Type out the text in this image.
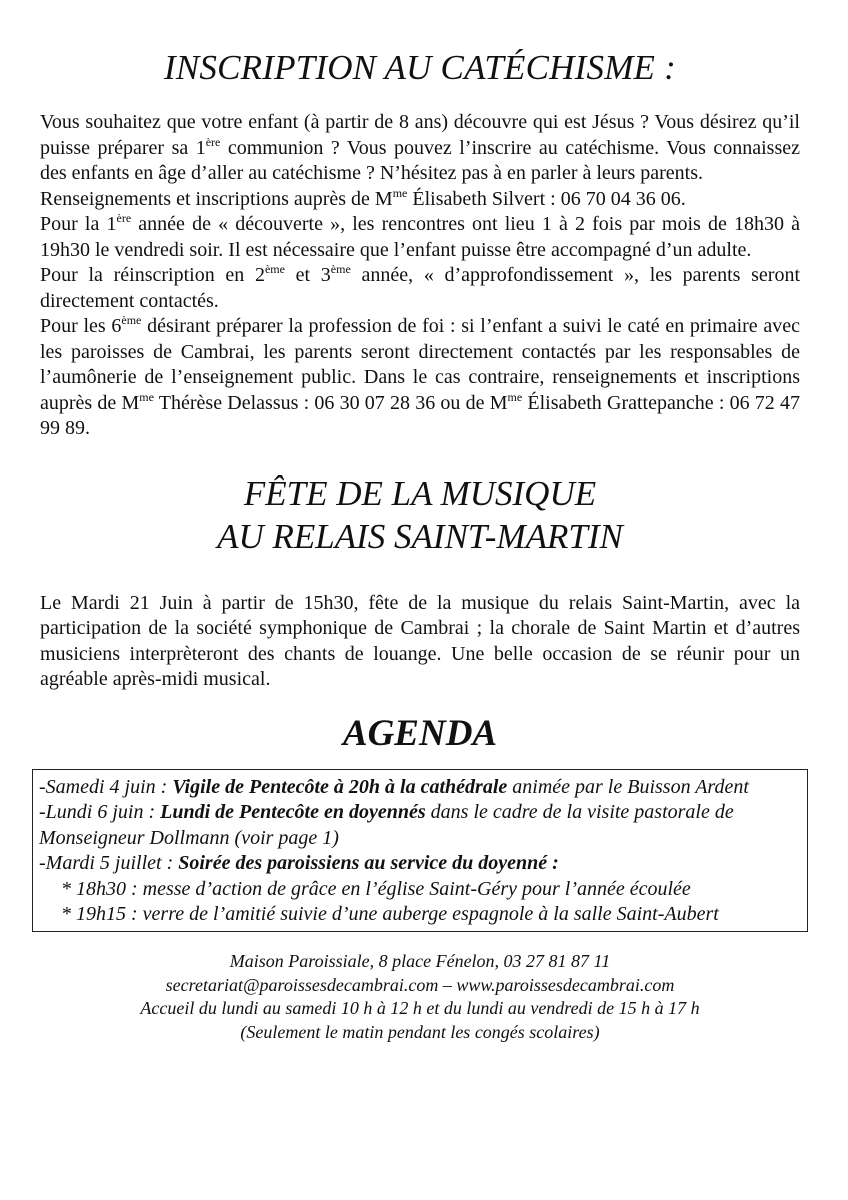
INSCRIPTION AU CATÉCHISME :

Vous souhaitez que votre enfant (à partir de 8 ans) découvre qui est Jésus ? Vous désirez qu’il puisse préparer sa 1ère communion ? Vous pouvez l’inscrire au catéchisme. Vous connaissez des enfants en âge d’aller au catéchisme ? N’hésitez pas à en parler à leurs parents.

Renseignements et inscriptions auprès de $M^{me}$ Élisabeth Silvert : 06 70 04 36 06.

Pour la 1ère année de « découverte », les rencontres ont lieu 1 à 2 fois par mois de 18h30 à 19h30 le vendredi soir. Il est nécessaire que l’enfant puisse être accompagné d’un adulte.

Pour la réinscription en 2ème et 3ème année, « d’approfondissement », les parents seront directement contactés.

Pour les 6ème désirant préparer la profession de foi : si l’enfant a suivi le caté en primaire avec les paroisses de Cambrai, les parents seront directement contactés par les responsables de l’aumônerie de l’enseignement public. Dans le cas contraire, renseignements et inscriptions auprès de $M^{me}$ Thérèse Delassus : 06 30 07 28 36 ou de $M^{me}$ Élisabeth Grattepanche : 06 72 47 99 89.

FÊTE DE LA MUSIQUE
AU RELAIS SAINT-MARTIN

Le Mardi 21 Juin à partir de 15h30, fête de la musique du relais Saint-Martin, avec la participation de la société symphonique de Cambrai ; la chorale de Saint Martin et d’autres musiciens interprèteront des chants de louange. Une belle occasion de se réunir pour un agréable après-midi musical.

AGENDA
-Samedi 4 juin : Vigile de Pentecôte à 20h à la cathédrale animée par le Buisson Ardent
-Lundi 6 juin : Lundi de Pentecôte en doyennés dans le cadre de la visite pastorale de Monseigneur Dollmann (voir page 1)
-Mardi 5 juillet : Soirée des paroissiens au service du doyenné :
* 18h30 : messe d’action de grâce en l’église Saint-Géry pour l’année écoulée
* 19h15 : verre de l’amitié suivie d’une auberge espagnole à la salle Saint-Aubert
Maison Paroissiale, 8 place Fénelon, 03 27 81 87 11
secretariat@paroissesdecambrai.com – www.paroissesdecambrai.com
Accueil du lundi au samedi 10 h à 12 h et du lundi au vendredi de 15 h à 17 h
(Seulement le matin pendant les congés scolaires)
